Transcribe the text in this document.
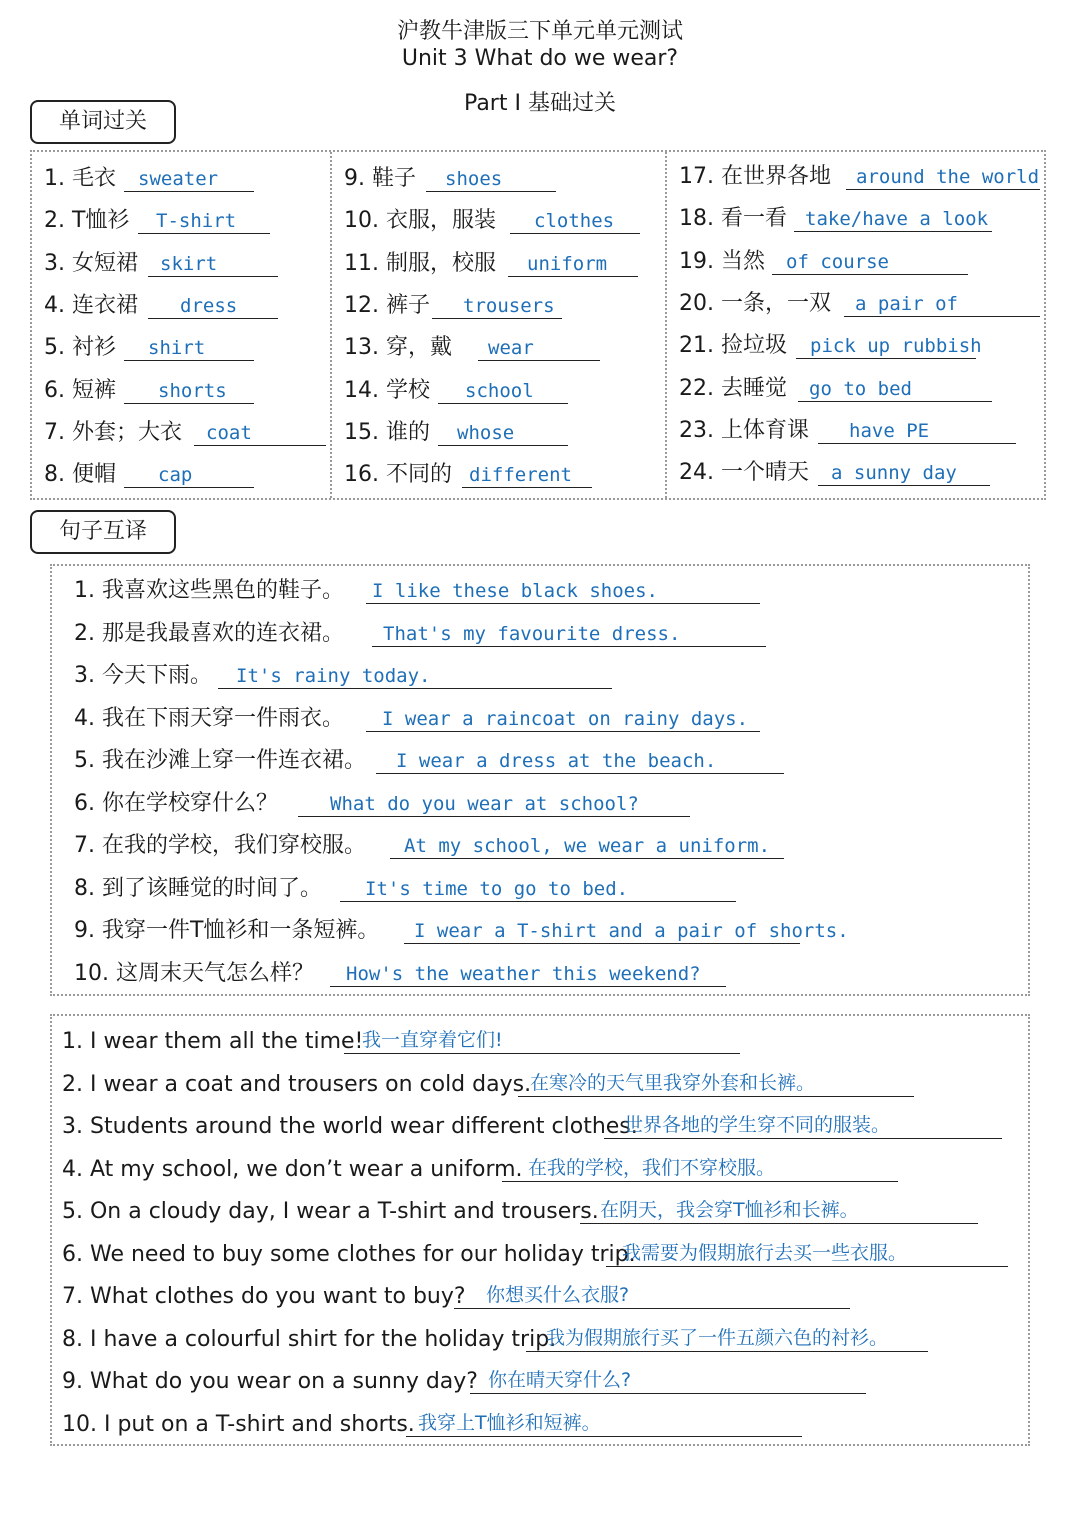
沪教牛津版三下单元单元测试
Unit 3 What do we wear?
Part Ⅰ 基础过关
单词过关
1. 毛衣 sweater
2. T恤衫 T-shirt
3. 女短裙 skirt
4. 连衣裙 dress
5. 衬衫 shirt
6. 短裤 shorts
7. 外套；大衣 coat
8. 便帽 cap
9. 鞋子 shoes
10. 衣服，服装 clothes
11. 制服，校服 uniform
12. 裤子 trousers
13. 穿，戴 wear
14. 学校 school
15. 谁的 whose
16. 不同的 different
17. 在世界各地 around the world
18. 看一看 take/have a look
19. 当然 of course
20. 一条，一双 a pair of
21. 捡垃圾 pick up rubbish
22. 去睡觉 go to bed
23. 上体育课 have PE
24. 一个晴天 a sunny day
句子互译
1. 我喜欢这些黑色的鞋子。 I like these black shoes.
2. 那是我最喜欢的连衣裙。 That's my favourite dress.
3. 今天下雨。 It's rainy today.
4. 我在下雨天穿一件雨衣。 I wear a raincoat on rainy days.
5. 我在沙滩上穿一件连衣裙。 I wear a dress at the beach.
6. 你在学校穿什么？	What do you wear at school?
7. 在我的学校，我们穿校服。 At my school, we wear a uniform.
8. 到了该睡觉的时间了。 It's time to go to bed.
9. 我穿一件T恤衫和一条短裤。 I wear a T-shirt and a pair of shorts.
10. 这周末天气怎么样？ How's the weather this weekend?
1. I wear them all the time!
我一直穿着它们!
2. I wear a coat and trousers on cold days.
在寒冷的天气里我穿外套和长裤。
3. Students around the world wear different clothes.
世界各地的学生穿不同的服装。
4. At my school, we don’t wear a uniform. 在我的学校，我们不穿校服。
5. On a cloudy day, I wear a T-shirt and trousers. 在阴天，我会穿T恤衫和长裤。
6. We need to buy some clothes for our holiday trip.
我需要为假期旅行去买一些衣服。
7. What clothes do you want to buy? 你想买什么衣服?
8. I have a colourful shirt for the holiday trip.
我为假期旅行买了一件五颜六色的衬衫。
9. What do you wear on a sunny day? 你在晴天穿什么?
10. I put on a T-shirt and shorts. 我穿上T恤衫和短裤。
